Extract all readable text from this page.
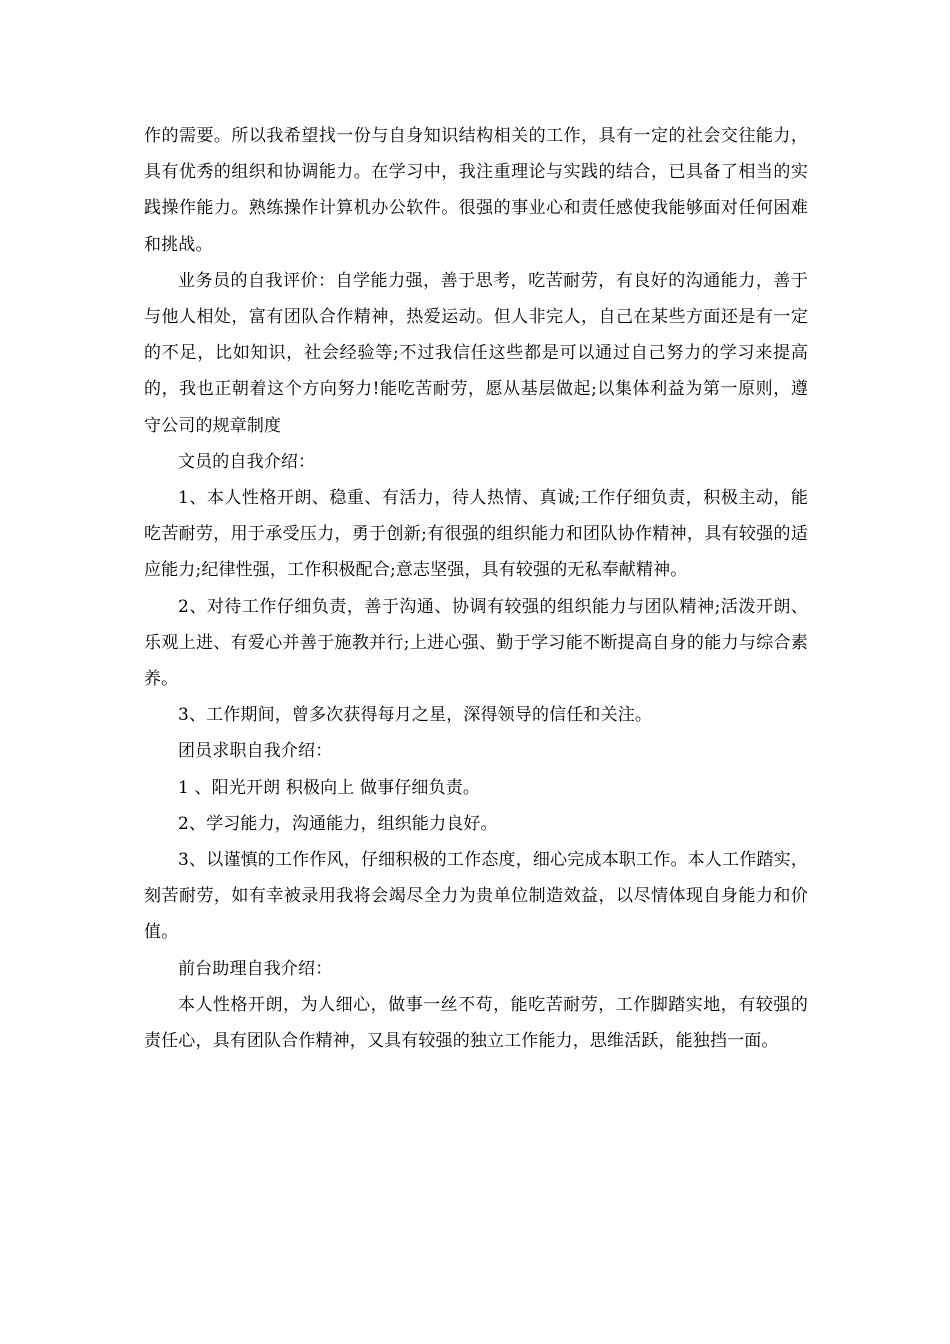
作的需要。所以我希望找一份与自身知识结构相关的工作，具有一定的社会交往能力，具有优秀的组织和协调能力。在学习中，我注重理论与实践的结合，已具备了相当的实践操作能力。熟练操作计算机办公软件。很强的事业心和责任感使我能够面对任何困难和挑战。

业务员的自我评价：自学能力强，善于思考，吃苦耐劳，有良好的沟通能力，善于与他人相处，富有团队合作精神，热爱运动。但人非完人，自己在某些方面还是有一定的不足，比如知识，社会经验等;不过我信任这些都是可以通过自己努力的学习来提高的，我也正朝着这个方向努力!能吃苦耐劳，愿从基层做起;以集体利益为第一原则，遵守公司的规章制度

文员的自我介绍：

1、本人性格开朗、稳重、有活力，待人热情、真诚;工作仔细负责，积极主动，能吃苦耐劳，用于承受压力，勇于创新;有很强的组织能力和团队协作精神，具有较强的适应能力;纪律性强，工作积极配合;意志坚强，具有较强的无私奉献精神。

2、对待工作仔细负责，善于沟通、协调有较强的组织能力与团队精神;活泼开朗、乐观上进、有爱心并善于施教并行;上进心强、勤于学习能不断提高自身的能力与综合素养。

3、工作期间，曾多次获得每月之星，深得领导的信任和关注。

团员求职自我介绍：

1 、阳光开朗 积极向上 做事仔细负责。

2、学习能力，沟通能力，组织能力良好。

3、以谨慎的工作作风，仔细积极的工作态度，细心完成本职工作。本人工作踏实，刻苦耐劳，如有幸被录用我将会竭尽全力为贵单位制造效益，以尽情体现自身能力和价值。

前台助理自我介绍：

本人性格开朗，为人细心，做事一丝不苟，能吃苦耐劳，工作脚踏实地，有较强的责任心，具有团队合作精神，又具有较强的独立工作能力，思维活跃，能独挡一面。
